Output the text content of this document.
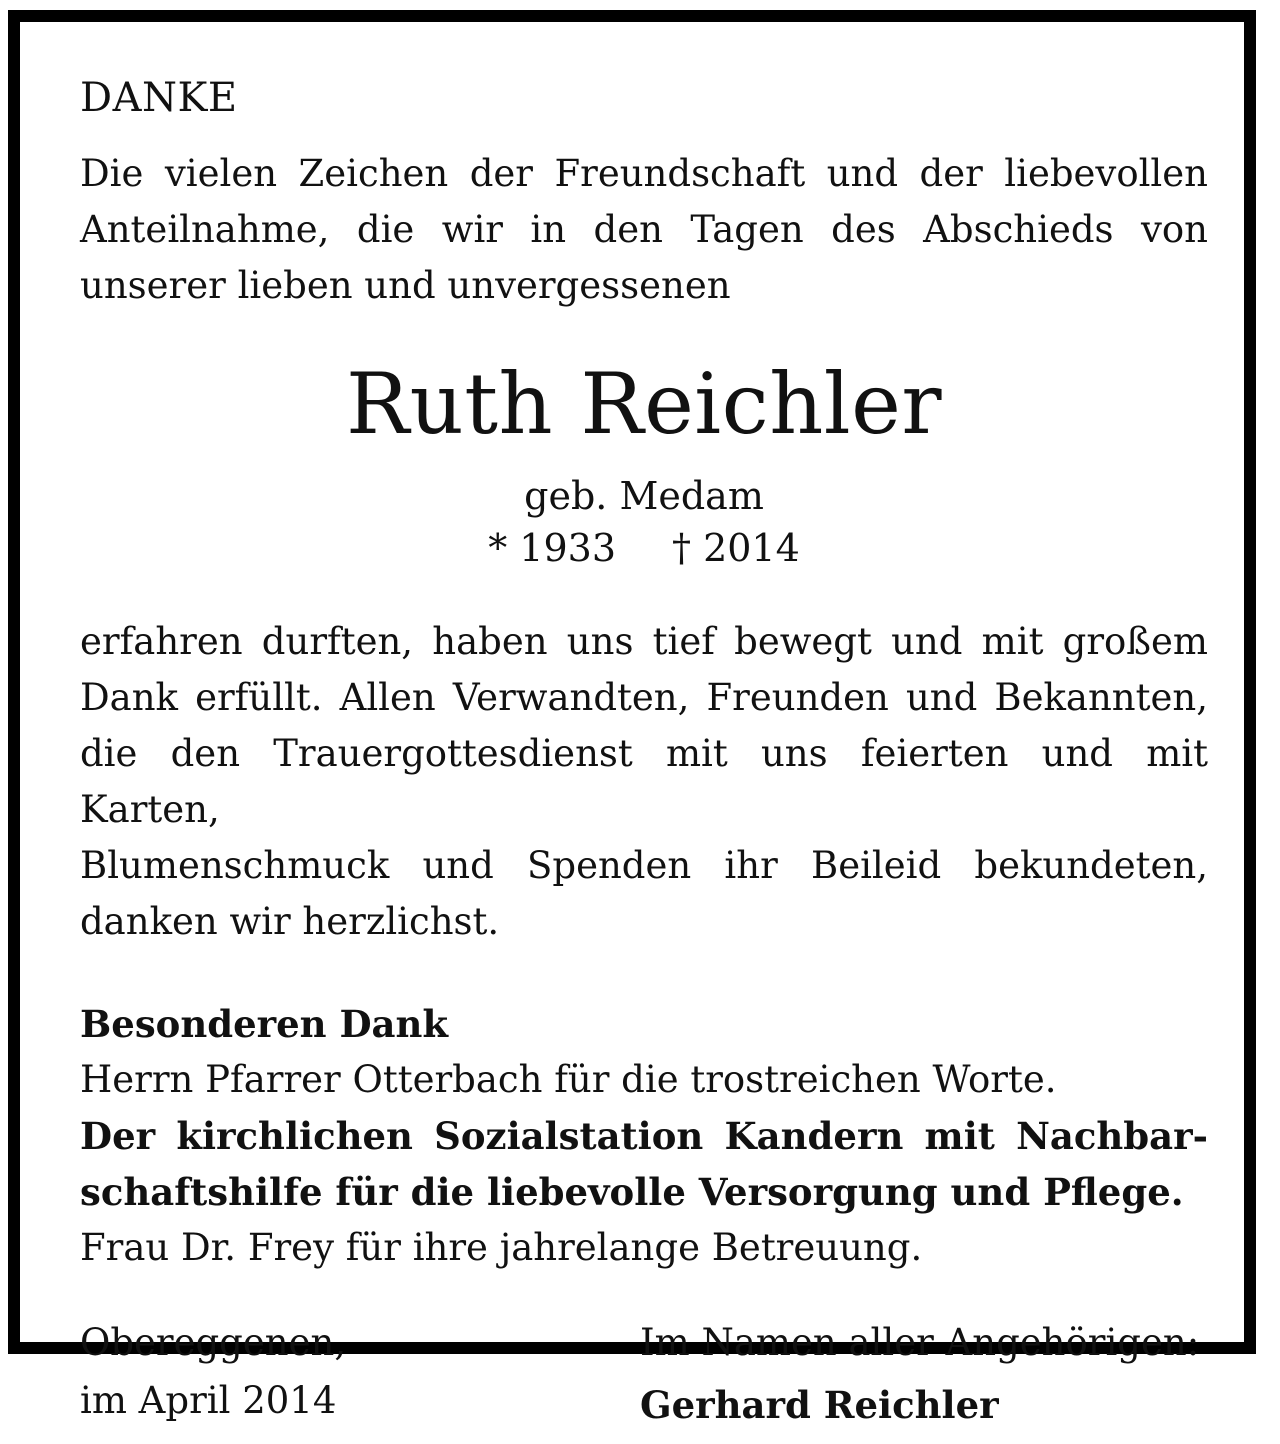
DANKE

Die vielen Zeichen der Freundschaft und der liebevollen
Anteilnahme, die wir in den Tagen des Abschieds von
unserer lieben und unvergessenen

Ruth Reichler
geb. Medam
* 1933 † 2014

erfahren durften, haben uns tief bewegt und mit großem
Dank erfüllt. Allen Verwandten, Freunden und Bekannten,
die den Trauergottesdienst mit uns feierten und mit Karten,
Blumenschmuck und Spenden ihr Beileid bekundeten,
danken wir herzlichst.

Besonderen Dank
Herrn Pfarrer Otterbach für die trostreichen Worte.
Der kirchlichen Sozialstation Kandern mit Nachbar-
schaftshilfe für die liebevolle Versorgung und Pflege.
Frau Dr. Frey für ihre jahrelange Betreuung.
Obereggenen,
im April 2014
Im Namen aller Angehörigen:
Gerhard Reichler
